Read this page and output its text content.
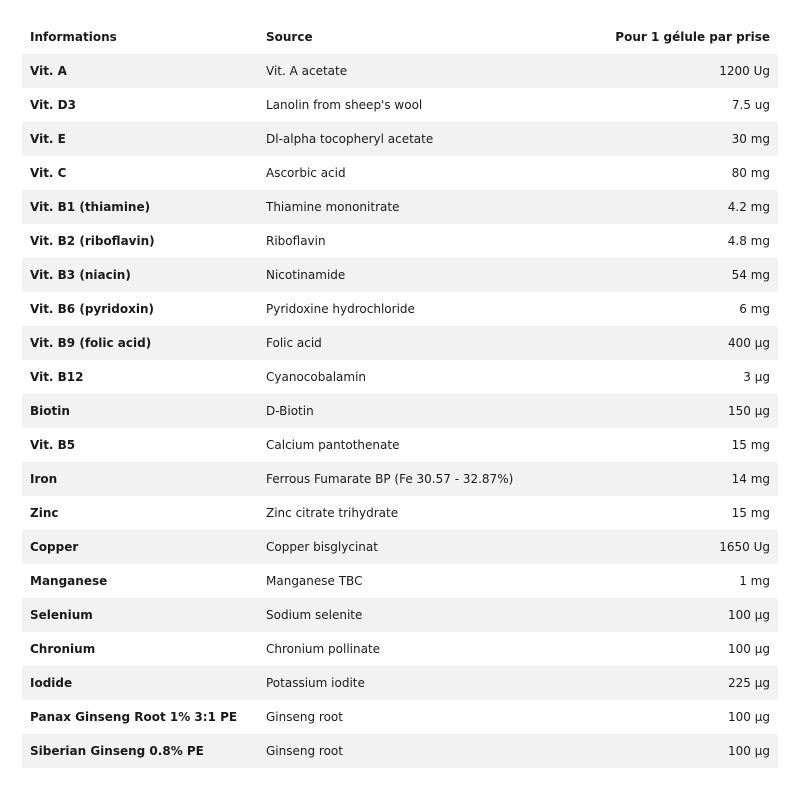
Informations	Source	Pour 1 gélule par prise
Vit. A	Vit. A acetate	1200 Ug
Vit. D3	Lanolin from sheep's wool	7.5 ug
Vit. E	Dl-alpha tocopheryl acetate	30 mg
Vit. C	Ascorbic acid	80 mg
Vit. B1 (thiamine)	Thiamine mononitrate	4.2 mg
Vit. B2 (riboflavin)	Riboflavin	4.8 mg
Vit. B3 (niacin)	Nicotinamide	54 mg
Vit. B6 (pyridoxin)	Pyridoxine hydrochloride	6 mg
Vit. B9 (folic acid)	Folic acid	400 µg
Vit. B12	Cyanocobalamin	3 µg
Biotin	D-Biotin	150 µg
Vit. B5	Calcium pantothenate	15 mg
Iron	Ferrous Fumarate BP (Fe 30.57 - 32.87%)	14 mg
Zinc	Zinc citrate trihydrate	15 mg
Copper	Copper bisglycinat	1650 Ug
Manganese	Manganese TBC	1 mg
Selenium	Sodium selenite	100 µg
Chronium	Chronium pollinate	100 µg
Iodide	Potassium iodite	225 µg
Panax Ginseng Root 1% 3:1 PE	Ginseng root	100 µg
Siberian Ginseng 0.8% PE	Ginseng root	100 µg
